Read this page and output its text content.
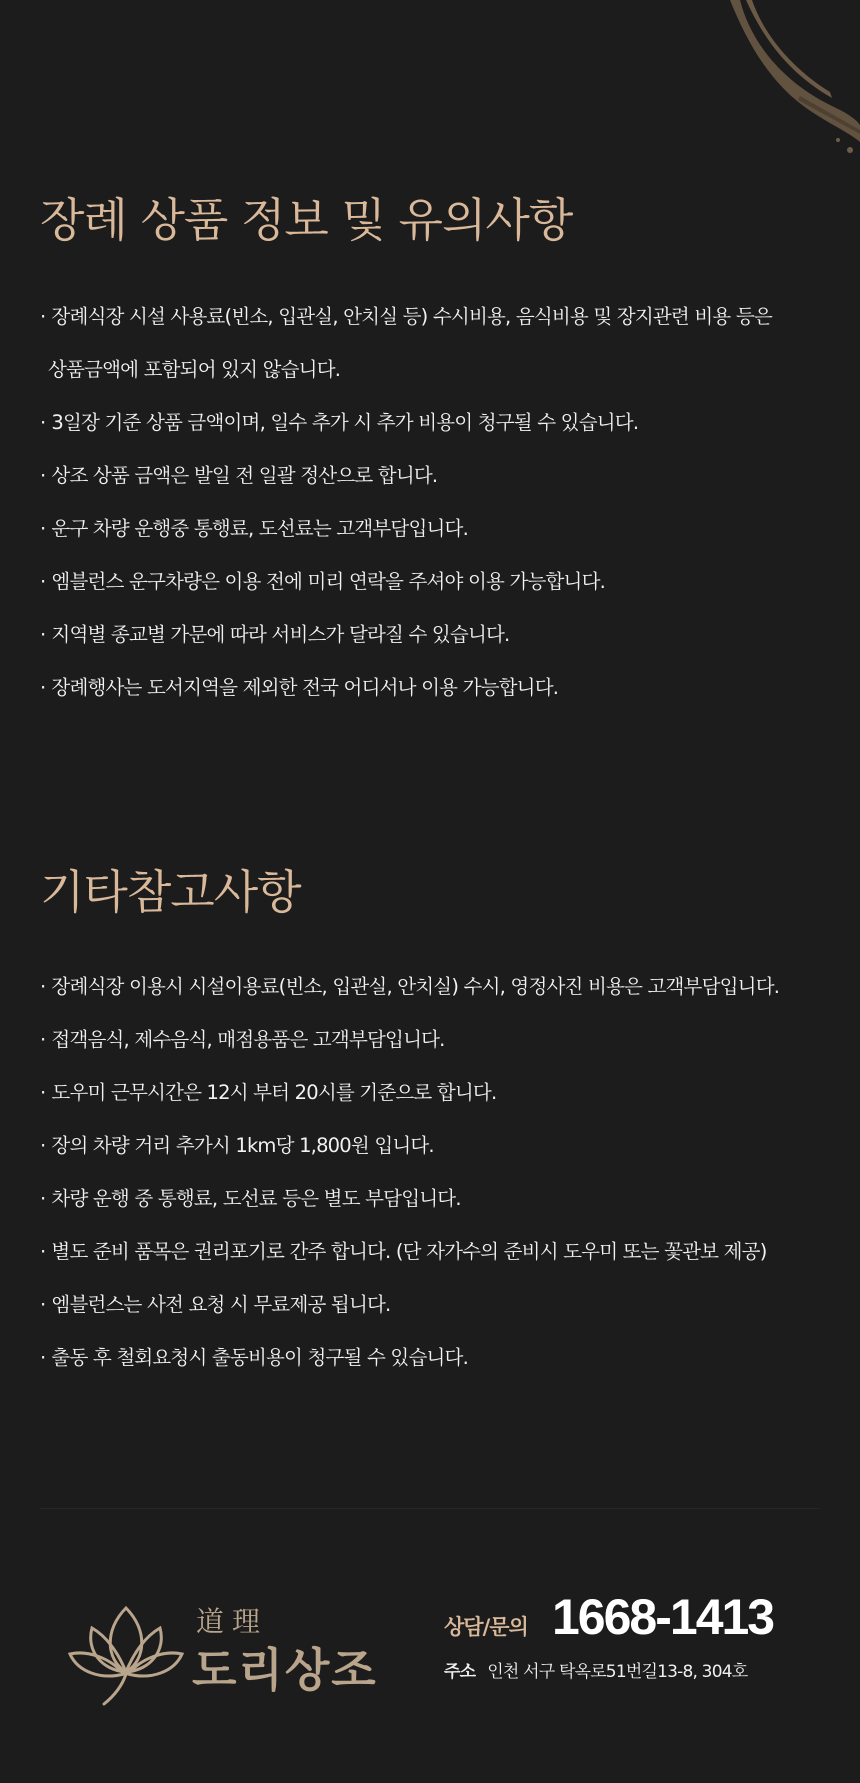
장례 상품 정보 및 유의사항
· 장례식장 시설 사용료(빈소, 입관실, 안치실 등) 수시비용, 음식비용 및 장지관련 비용 등은
상품금액에 포함되어 있지 않습니다.
· 3일장 기준 상품 금액이며, 일수 추가 시 추가 비용이 청구될 수 있습니다.
· 상조 상품 금액은 발일 전 일괄 정산으로 합니다.
· 운구 차량 운행중 통행료, 도선료는 고객부담입니다.
· 엠블런스 운구차량은 이용 전에 미리 연락을 주셔야 이용 가능합니다.
· 지역별 종교별 가문에 따라 서비스가 달라질 수 있습니다.
· 장례행사는 도서지역을 제외한 전국 어디서나 이용 가능합니다.
기타참고사항
· 장례식장 이용시 시설이용료(빈소, 입관실, 안치실) 수시, 영정사진 비용은 고객부담입니다.
· 접객음식, 제수음식, 매점용품은 고객부담입니다.
· 도우미 근무시간은 12시 부터 20시를 기준으로 합니다.
· 장의 차량 거리 추가시 1km당 1,800원 입니다.
· 차량 운행 중 통행료, 도선료 등은 별도 부담입니다.
· 별도 준비 품목은 권리포기로 간주 합니다. (단 자가수의 준비시 도우미 또는 꽃관보 제공)
· 엠블런스는 사전 요청 시 무료제공 됩니다.
· 출동 후 철회요청시 출동비용이 청구될 수 있습니다.
道理
도리상조
상담/문의 1668-1413
주소 인천 서구 탁옥로51번길13-8, 304호
